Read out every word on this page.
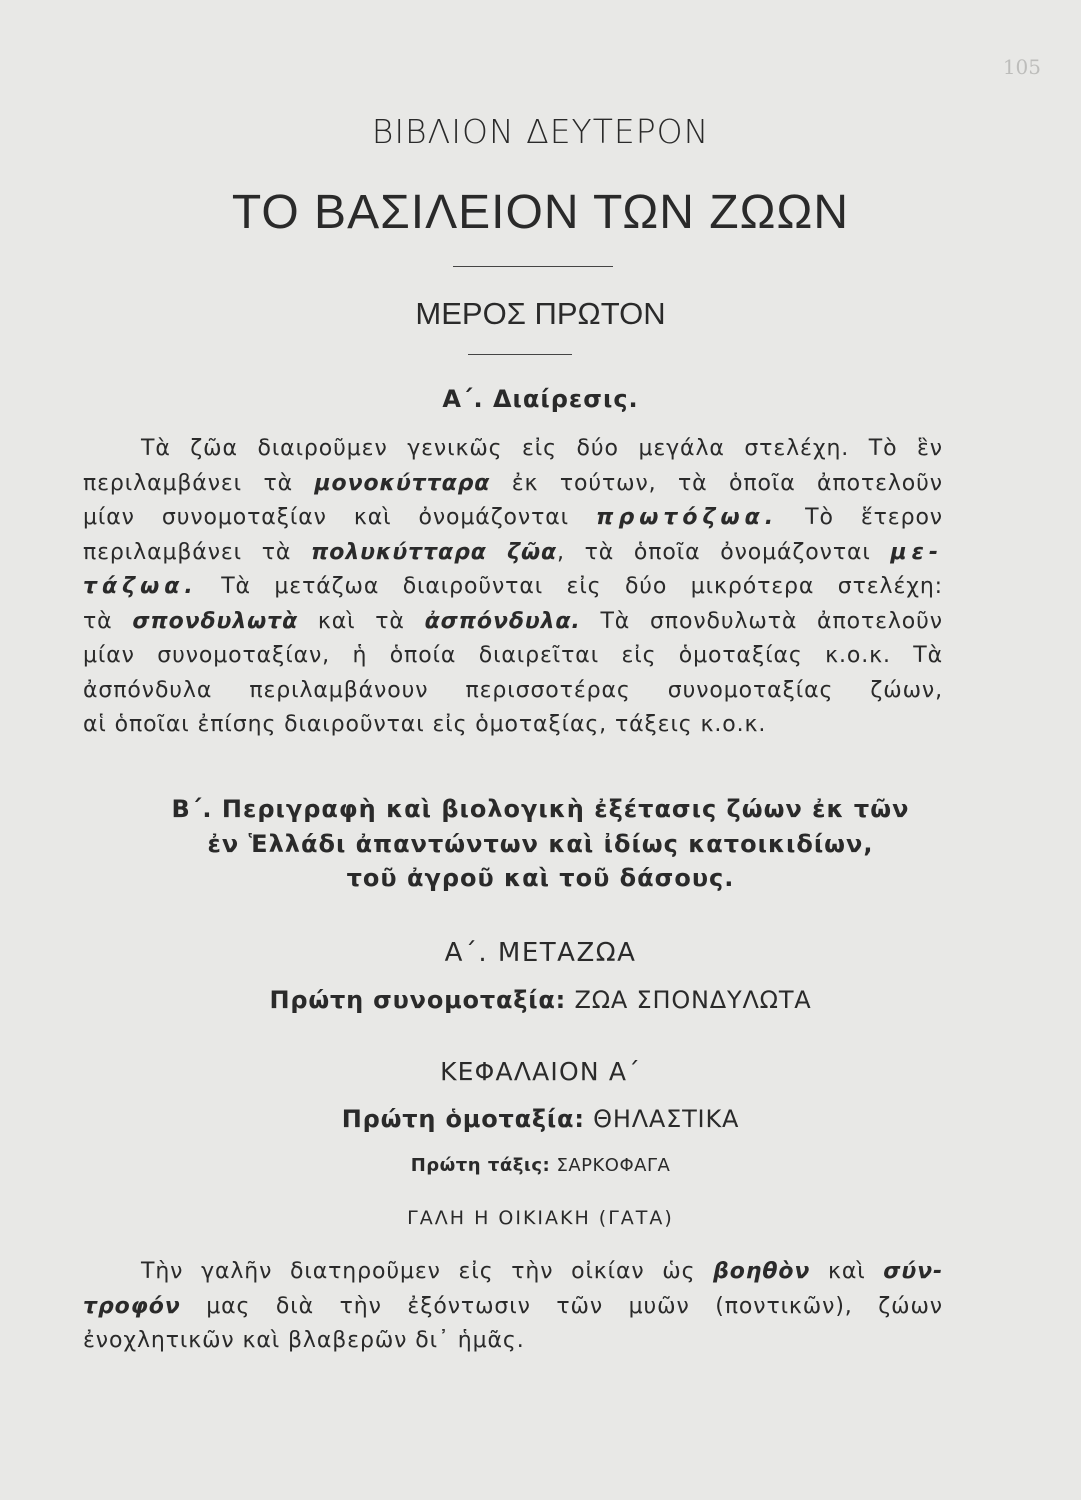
105
ΒΙΒΛΙΟΝ ΔΕΥΤΕΡΟΝ
ΤΟ ΒΑΣΙΛΕΙΟΝ ΤΩΝ ΖΩΩΝ
ΜΕΡΟΣ ΠΡΩΤΟΝ
Α΄. Διαίρεσις.
Τὰ ζῶα διαιροῦμεν γενικῶς εἰς δύο μεγάλα στελέχη. Τὸ ἓν
περιλαμβάνει τὰ μονοκύτταρα ἐκ τούτων, τὰ ὁποῖα ἀποτελοῦν
μίαν συνομοταξίαν καὶ ὀνομάζονται πρωτόζωα. Τὸ ἕτερον
περιλαμβάνει τὰ πολυκύτταρα ζῶα, τὰ ὁποῖα ὀνομάζονται με-
τάζωα. Τὰ μετάζωα διαιροῦνται εἰς δύο μικρότερα στελέχη:
τὰ σπονδυλωτὰ καὶ τὰ ἀσπόνδυλα. Τὰ σπονδυλωτὰ ἀποτελοῦν
μίαν συνομοταξίαν, ἡ ὁποία διαιρεῖται εἰς ὁμοταξίας κ.ο.κ. Τὰ
ἀσπόνδυλα περιλαμβάνουν περισσοτέρας συνομοταξίας ζώων,
αἱ ὁποῖαι ἐπίσης διαιροῦνται εἰς ὁμοταξίας, τάξεις κ.ο.κ.
Β΄. Περιγραφὴ καὶ βιολογικὴ ἐξέτασις ζώων ἐκ τῶν
ἐν Ἑλλάδι ἀπαντώντων καὶ ἰδίως κατοικιδίων,
τοῦ ἀγροῦ καὶ τοῦ δάσους.
Α΄. ΜΕΤΑΖΩΑ
Πρώτη συνομοταξία: ΖΩΑ ΣΠΟΝΔΥΛΩΤΑ
ΚΕΦΑΛΑΙΟΝ Α΄
Πρώτη ὁμοταξία: ΘΗΛΑΣΤΙΚΑ
Πρώτη τάξις: ΣΑΡΚΟΦΑΓΑ
ΓΑΛΗ Η ΟΙΚΙΑΚΗ (ΓΑΤΑ)
Τὴν γαλῆν διατηροῦμεν εἰς τὴν οἰκίαν ὡς βοηθὸν καὶ σύν-
τροφόν μας διὰ τὴν ἐξόντωσιν τῶν μυῶν (ποντικῶν), ζώων
ἐνοχλητικῶν καὶ βλαβερῶν δι᾽ ἡμᾶς.
